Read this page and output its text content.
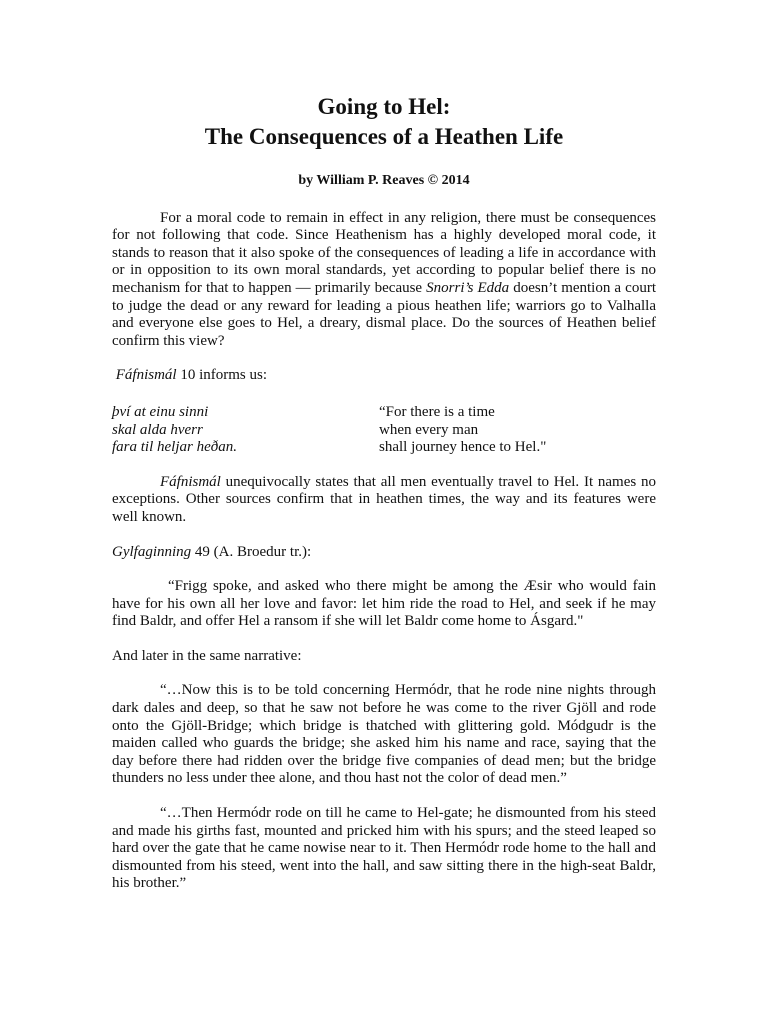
Going to Hel:
The Consequences of a Heathen Life
by William P. Reaves © 2014

For a moral code to remain in effect in any religion, there must be consequences for not following that code. Since Heathenism has a highly developed moral code, it stands to reason that it also spoke of the consequences of leading a life in accordance with or in opposition to its own moral standards, yet according to popular belief there is no mechanism for that to happen — primarily because Snorri’s Edda doesn’t mention a court to judge the dead or any reward for leading a pious heathen life; warriors go to Valhalla and everyone else goes to Hel, a dreary, dismal place. Do the sources of Heathen belief confirm this view?

Fáfnismál 10 informs us:

því at einu sinni
skal alda hverr
fara til heljar heðan.
“For there is a time
when every man
shall journey hence to Hel."

Fáfnismál unequivocally states that all men eventually travel to Hel. It names no exceptions. Other sources confirm that in heathen times, the way and its features were well known.

Gylfaginning 49 (A. Broedur tr.):

“Frigg spoke, and asked who there might be among the Æsir who would fain have for his own all her love and favor: let him ride the road to Hel, and seek if he may find Baldr, and offer Hel a ransom if she will let Baldr come home to Ásgard."

And later in the same narrative:

“…Now this is to be told concerning Hermódr, that he rode nine nights through dark dales and deep, so that he saw not before he was come to the river Gjöll and rode onto the Gjöll-Bridge; which bridge is thatched with glittering gold. Módgudr is the maiden called who guards the bridge; she asked him his name and race, saying that the day before there had ridden over the bridge five companies of dead men; but the bridge thunders no less under thee alone, and thou hast not the color of dead men.”

“…Then Hermódr rode on till he came to Hel-gate; he dismounted from his steed and made his girths fast, mounted and pricked him with his spurs; and the steed leaped so hard over the gate that he came nowise near to it. Then Hermódr rode home to the hall and dismounted from his steed, went into the hall, and saw sitting there in the high-seat Baldr, his brother.”
